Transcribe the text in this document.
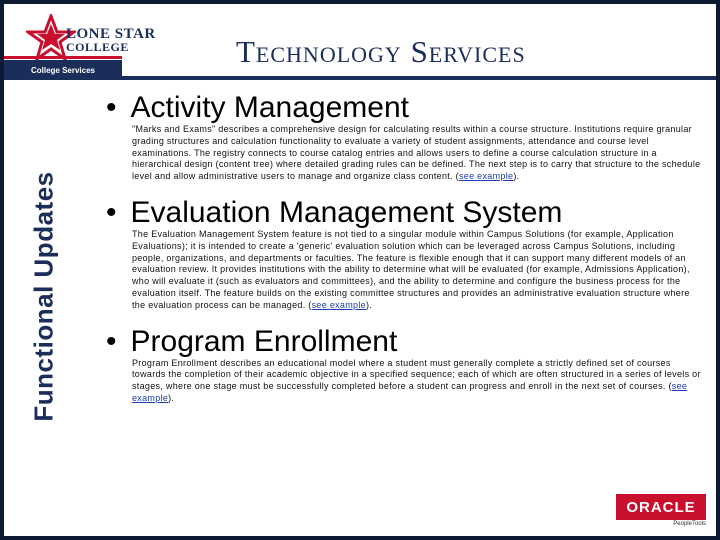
LONE STAR
COLLEGE
College Services
Technology Services
Functional Updates
• Activity Management
"Marks and Exams" describes a comprehensive design for calculating results within a course structure. Institutions require granular grading structures and calculation functionality to evaluate a variety of student assignments, attendance and course level examinations. The registry connects to course catalog entries and allows users to define a course calculation structure in a hierarchical design (content tree) where detailed grading rules can be defined. The next step is to carry that structure to the schedule level and allow administrative users to manage and organize class content. (see example).
• Evaluation Management System
The Evaluation Management System feature is not tied to a singular module within Campus Solutions (for example, Application Evaluations); it is intended to create a 'generic' evaluation solution which can be leveraged across Campus Solutions, including people, organizations, and departments or faculties. The feature is flexible enough that it can support many different models of an evaluation review. It provides institutions with the ability to determine what will be evaluated (for example, Admissions Application), who will evaluate it (such as evaluators and committees), and the ability to determine and configure the business process for the evaluation itself. The feature builds on the existing committee structures and provides an administrative evaluation structure where the evaluation process can be managed. (see example).
• Program Enrollment
Program Enrollment describes an educational model where a student must generally complete a strictly defined set of courses towards the completion of their academic objective in a specified sequence; each of which are often structured in a series of levels or stages, where one stage must be successfully completed before a student can progress and enroll in the next set of courses. (see example).
ORACLE
PeopleTools
